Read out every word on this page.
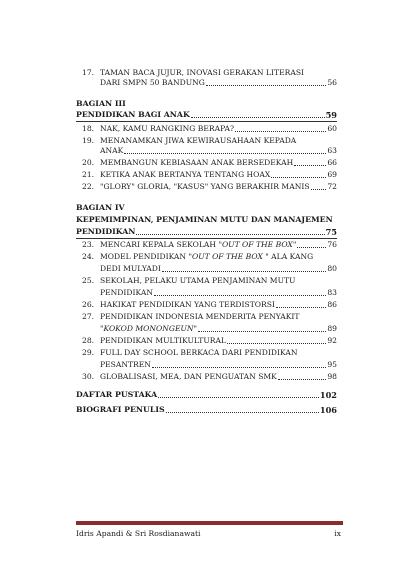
17. TAMAN BACA JUJUR, INOVASI GERAKAN LITERASI
DARI SMPN 50 BANDUNG	56
BAGIAN III
PENDIDIKAN BAGI ANAK	59
18. NAK, KAMU RANGKING BERAPA?	60
19. MENANAMKAN JIWA KEWIRAUSAHAAN KEPADA
ANAK	63
20. MEMBANGUN KEBIASAAN ANAK BERSEDEKAH	66
21. KETIKA ANAK BERTANYA TENTANG HOAX	69
22. "GLORY" GLORIA, "KASUS" YANG BERAKHIR MANIS 72
BAGIAN IV
KEPEMIMPINAN, PENJAMINAN MUTU DAN MANAJEMEN
PENDIDIKAN	75
23. MENCARI KEPALA SEKOLAH "OUT OF THE BOX"	76
24. MODEL PENDIDIKAN "OUT OF THE BOX " ALA KANG
DEDI MULYADI	80
25. SEKOLAH, PELAKU UTAMA PENJAMINAN MUTU
PENDIDIKAN	83
26. HAKIKAT PENDIDIKAN YANG TERDISTORSI	86
27. PENDIDIKAN INDONESIA MENDERITA PENYAKIT
"KOKOD MONONGEUN"	89
28. PENDIDIKAN MULTIKULTURAL	92
29. FULL DAY SCHOOL BERKACA DARI PENDIDIKAN
PESANTREN	95
30. GLOBALISASI, MEA, DAN PENGUATAN SMK	98
DAFTAR PUSTAKA	102
BIOGRAFI PENULIS	106
Idris Apandi & Sri Rosdianawati	ix
